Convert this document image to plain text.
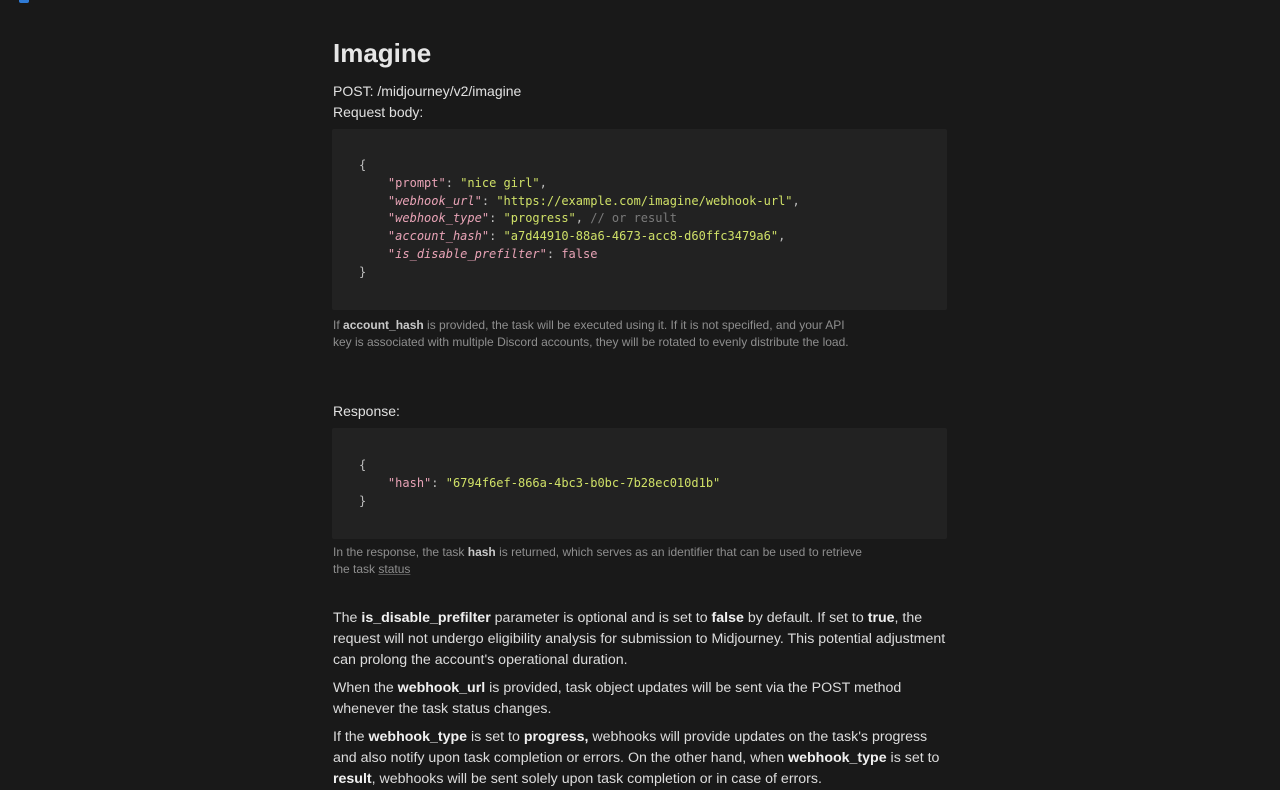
Imagine
POST: /midjourney/v2/imagine
Request body:
{
"prompt": "nice girl",
"webhook_url": "https://example.com/imagine/webhook-url",
"webhook_type": "progress", // or result
"account_hash": "a7d44910-88a6-4673-acc8-d60ffc3479a6",
"is_disable_prefilter": false
}
If account_hash is provided, the task will be executed using it. If it is not specified, and your API key is associated with multiple Discord accounts, they will be rotated to evenly distribute the load.
Response:
{
"hash": "6794f6ef-866a-4bc3-b0bc-7b28ec010d1b"
}
In the response, the task hash is returned, which serves as an identifier that can be used to retrieve the task status
The is_disable_prefilter parameter is optional and is set to false by default. If set to true, the request will not undergo eligibility analysis for submission to Midjourney. This potential adjustment can prolong the account's operational duration.
When the webhook_url is provided, task object updates will be sent via the POST method whenever the task status changes.
If the webhook_type is set to progress, webhooks will provide updates on the task's progress and also notify upon task completion or errors. On the other hand, when webhook_type is set to result, webhooks will be sent solely upon task completion or in case of errors.
